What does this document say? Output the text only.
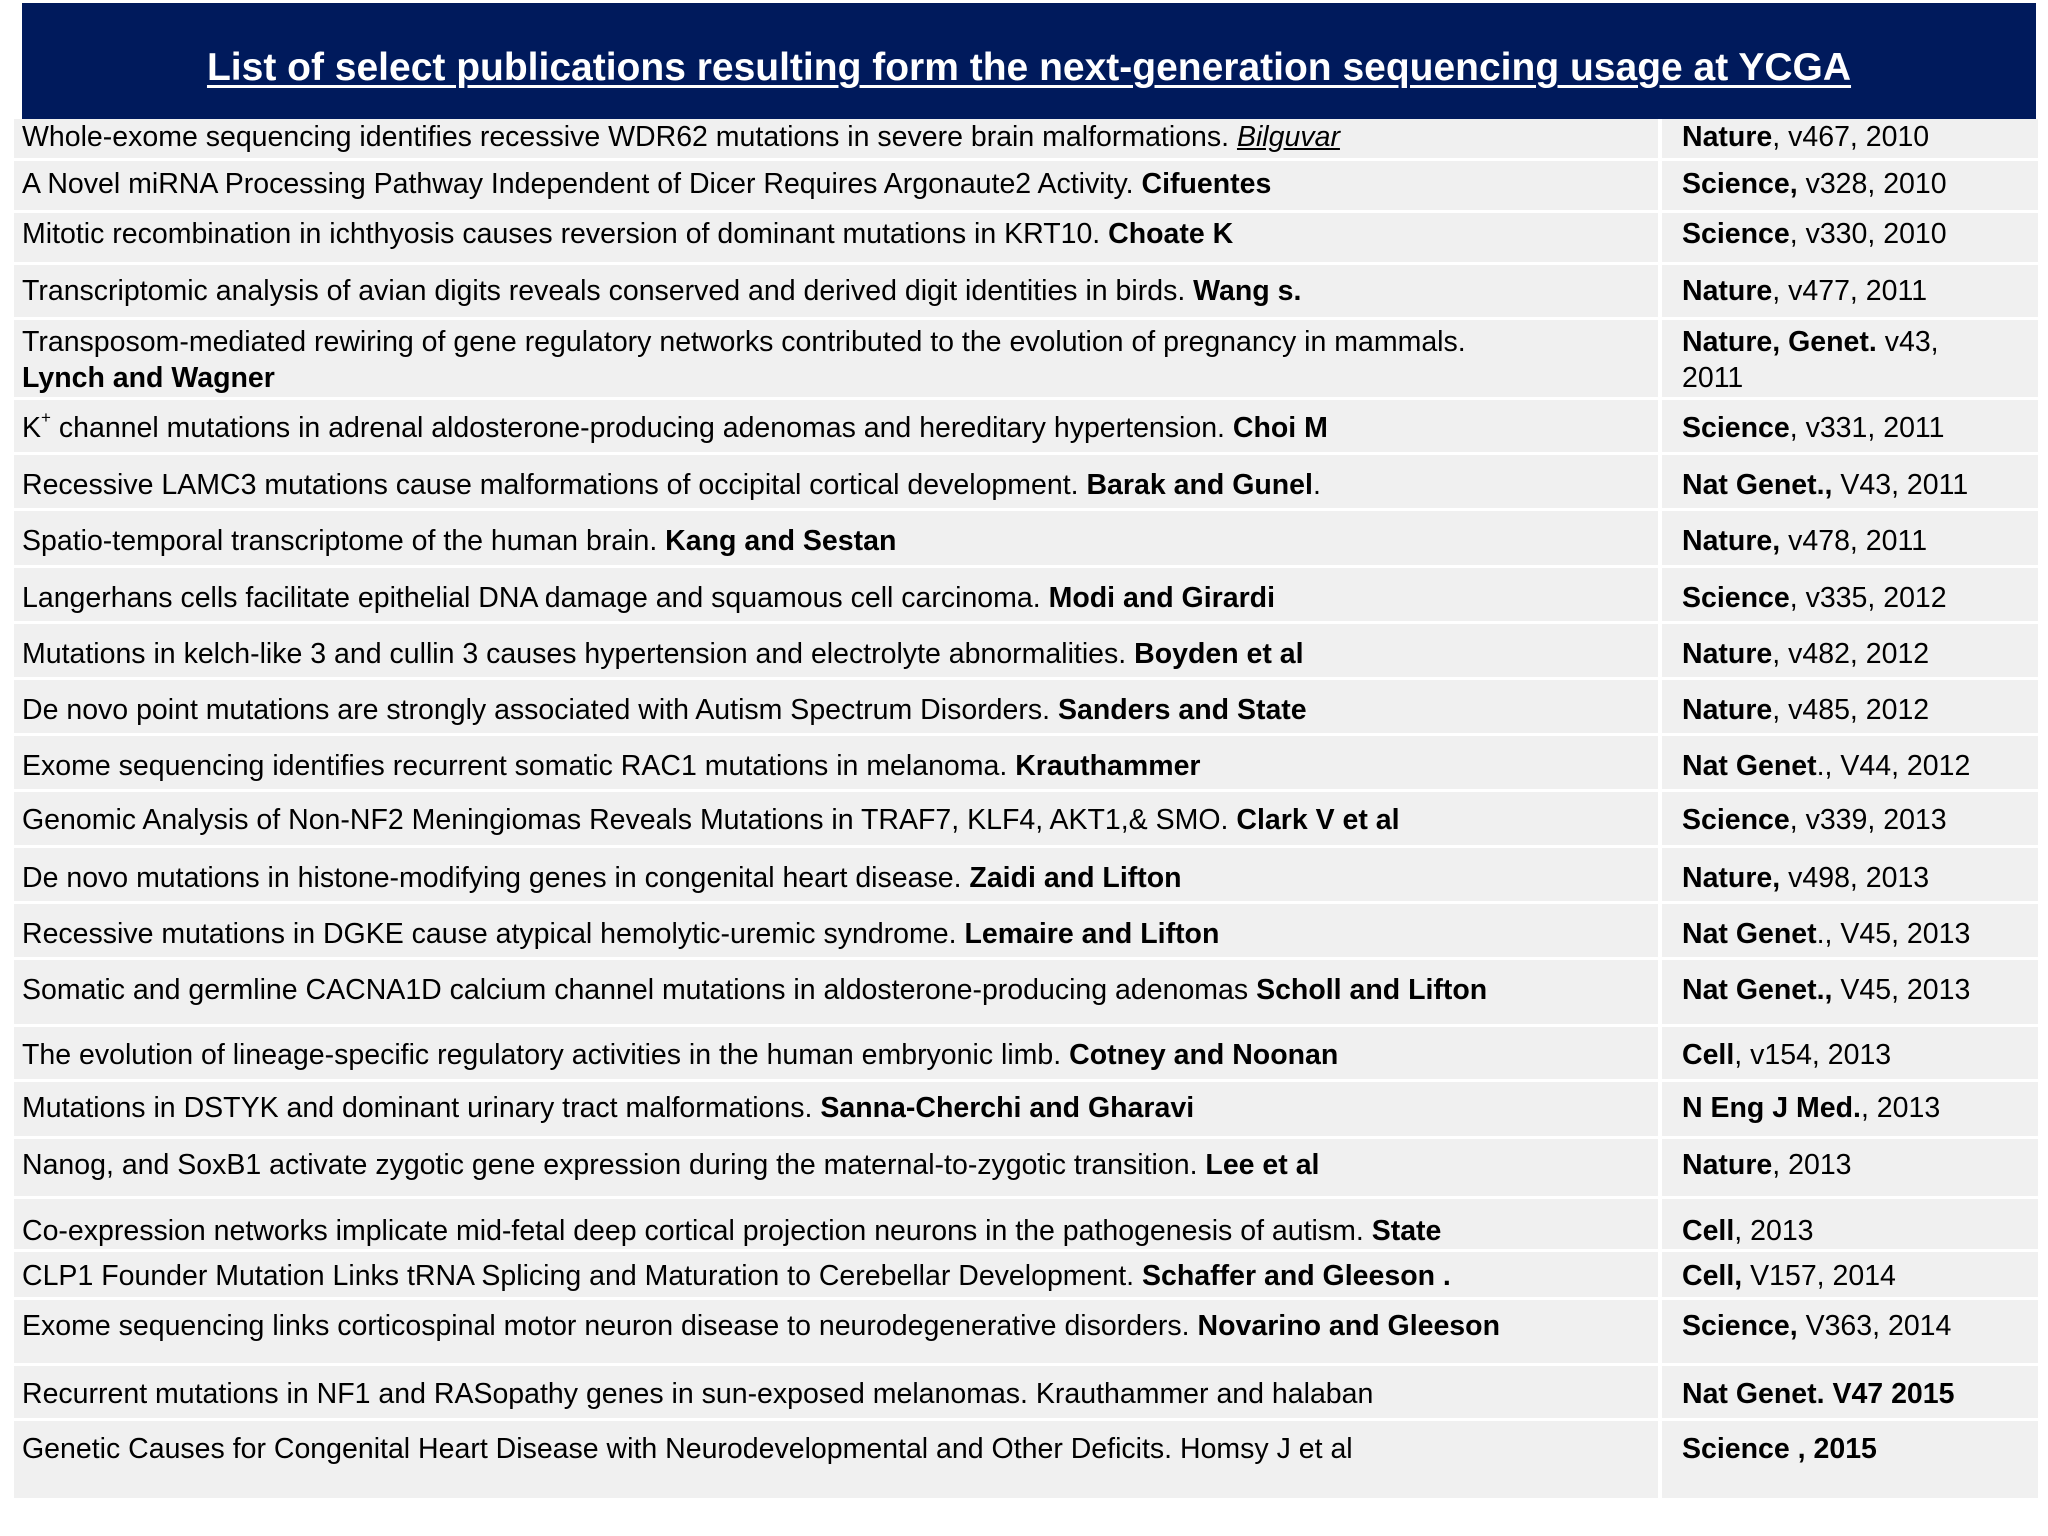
List of select publications resulting form the next-generation sequencing usage at YCGA
Whole-exome sequencing identifies recessive WDR62 mutations in severe brain malformations. Bilguvar	Nature, v467, 2010

A Novel miRNA Processing Pathway Independent of Dicer Requires Argonaute2 Activity. Cifuentes	Science, v328, 2010

Mitotic recombination in ichthyosis causes reversion of dominant mutations in KRT10. Choate K	Science, v330, 2010

Transcriptomic analysis of avian digits reveals conserved and derived digit identities in birds. Wang s.	Nature, v477, 2011

Transposom-mediated rewiring of gene regulatory networks contributed to the evolution of pregnancy in mammals.
Lynch and Wagner	Nature, Genet. v43, 2011

K+ channel mutations in adrenal aldosterone-producing adenomas and hereditary hypertension. Choi M	Science, v331, 2011

Recessive LAMC3 mutations cause malformations of occipital cortical development. Barak and Gunel.	Nat Genet., V43, 2011

Spatio-temporal transcriptome of the human brain. Kang and Sestan	Nature, v478, 2011

Langerhans cells facilitate epithelial DNA damage and squamous cell carcinoma. Modi and Girardi	Science, v335, 2012

Mutations in kelch-like 3 and cullin 3 causes hypertension and electrolyte abnormalities. Boyden et al	Nature, v482, 2012

De novo point mutations are strongly associated with Autism Spectrum Disorders. Sanders and State	Nature, v485, 2012

Exome sequencing identifies recurrent somatic RAC1 mutations in melanoma. Krauthammer	Nat Genet., V44, 2012

Genomic Analysis of Non-NF2 Meningiomas Reveals Mutations in TRAF7, KLF4, AKT1,& SMO. Clark V et al	Science, v339, 2013

De novo mutations in histone-modifying genes in congenital heart disease. Zaidi and Lifton	Nature, v498, 2013

Recessive mutations in DGKE cause atypical hemolytic-uremic syndrome. Lemaire and Lifton	Nat Genet., V45, 2013

Somatic and germline CACNA1D calcium channel mutations in aldosterone-producing adenomas Scholl and Lifton	Nat Genet., V45, 2013

The evolution of lineage-specific regulatory activities in the human embryonic limb. Cotney and Noonan	Cell, v154, 2013

Mutations in DSTYK and dominant urinary tract malformations. Sanna-Cherchi and Gharavi	N Eng J Med., 2013

Nanog, and SoxB1 activate zygotic gene expression during the maternal-to-zygotic transition. Lee et al	Nature, 2013

Co-expression networks implicate mid-fetal deep cortical projection neurons in the pathogenesis of autism. State	Cell, 2013

CLP1 Founder Mutation Links tRNA Splicing and Maturation to Cerebellar Development. Schaffer and Gleeson .	Cell, V157, 2014

Exome sequencing links corticospinal motor neuron disease to neurodegenerative disorders. Novarino and Gleeson	Science, V363, 2014

Recurrent mutations in NF1 and RASopathy genes in sun-exposed melanomas. Krauthammer and halaban	Nat Genet. V47 2015

Genetic Causes for Congenital Heart Disease with Neurodevelopmental and Other Deficits. Homsy J et al	Science , 2015
